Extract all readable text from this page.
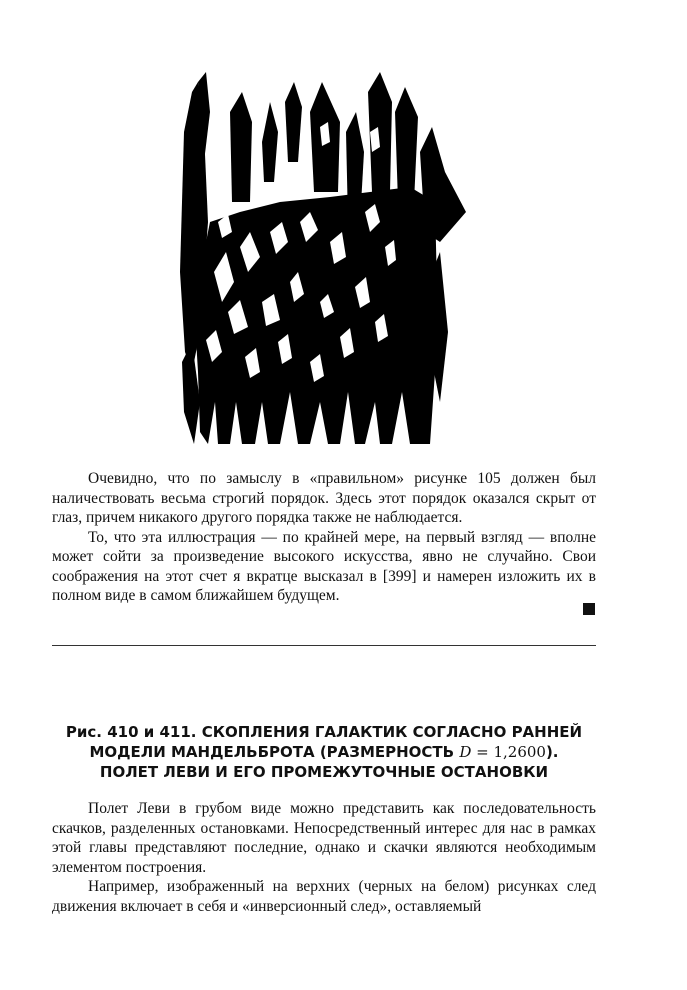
Очевидно, что по замыслу в «правильном» рисунке 105 должен был наличествовать весьма строгий порядок. Здесь этот порядок оказался скрыт от глаз, причем никакого другого порядка также не наблюдается.

То, что эта иллюстрация — по крайней мере, на первый взгляд — вполне может сойти за произведение высокого искусства, явно не случайно. Свои соображения на этот счет я вкратце высказал в [399] и намерен изложить их в полном виде в самом ближайшем будущем.

Рис. 410 и 411. СКОПЛЕНИЯ ГАЛАКТИК СОГЛАСНО РАННЕЙ
МОДЕЛИ МАНДЕЛЬБРОТА (РАЗМЕРНОСТЬ D = 1,2600).
ПОЛЕТ ЛЕВИ И ЕГО ПРОМЕЖУТОЧНЫЕ ОСТАНОВКИ

Полет Леви в грубом виде можно представить как последовательность скачков, разделенных остановками. Непосредственный интерес для нас в рамках этой главы представляют последние, однако и скачки являются необходимым элементом построения.

Например, изображенный на верхних (черных на белом) рисунках след движения включает в себя и «инверсионный след», оставляемый
